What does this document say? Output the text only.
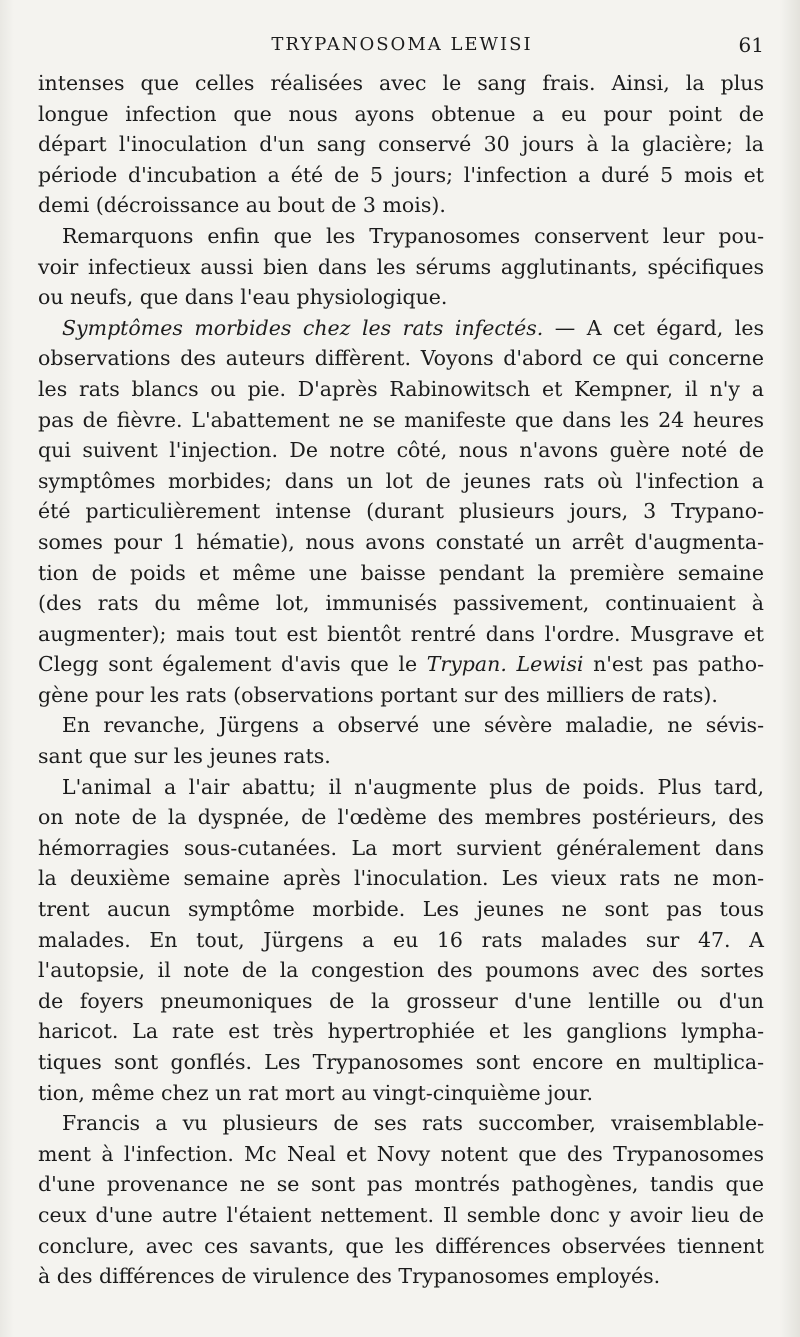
TRYPANOSOMA LEWISI	61
intenses que celles réalisées avec le sang frais. Ainsi, la plus
longue infection que nous ayons obtenue a eu pour point de
départ l'inoculation d'un sang conservé 30 jours à la glacière; la
période d'incubation a été de 5 jours; l'infection a duré 5 mois et
demi (décroissance au bout de 3 mois).
Remarquons enfin que les Trypanosomes conservent leur pou-
voir infectieux aussi bien dans les sérums agglutinants, spécifiques
ou neufs, que dans l'eau physiologique.
Symptômes morbides chez les rats infectés. — A cet égard, les
observations des auteurs diffèrent. Voyons d'abord ce qui concerne
les rats blancs ou pie. D'après Rabinowitsch et Kempner, il n'y a
pas de fièvre. L'abattement ne se manifeste que dans les 24 heures
qui suivent l'injection. De notre côté, nous n'avons guère noté de
symptômes morbides; dans un lot de jeunes rats où l'infection a
été particulièrement intense (durant plusieurs jours, 3 Trypano-
somes pour 1 hématie), nous avons constaté un arrêt d'augmenta-
tion de poids et même une baisse pendant la première semaine
(des rats du même lot, immunisés passivement, continuaient à
augmenter); mais tout est bientôt rentré dans l'ordre. Musgrave et
Clegg sont également d'avis que le Trypan. Lewisi n'est pas patho-
gène pour les rats (observations portant sur des milliers de rats).
En revanche, Jürgens a observé une sévère maladie, ne sévis-
sant que sur les jeunes rats.
L'animal a l'air abattu; il n'augmente plus de poids. Plus tard,
on note de la dyspnée, de l'œdème des membres postérieurs, des
hémorragies sous-cutanées. La mort survient généralement dans
la deuxième semaine après l'inoculation. Les vieux rats ne mon-
trent aucun symptôme morbide. Les jeunes ne sont pas tous
malades. En tout, Jürgens a eu 16 rats malades sur 47. A
l'autopsie, il note de la congestion des poumons avec des sortes
de foyers pneumoniques de la grosseur d'une lentille ou d'un
haricot. La rate est très hypertrophiée et les ganglions lympha-
tiques sont gonflés. Les Trypanosomes sont encore en multiplica-
tion, même chez un rat mort au vingt-cinquième jour.
Francis a vu plusieurs de ses rats succomber, vraisemblable-
ment à l'infection. Mc Neal et Novy notent que des Trypanosomes
d'une provenance ne se sont pas montrés pathogènes, tandis que
ceux d'une autre l'étaient nettement. Il semble donc y avoir lieu de
conclure, avec ces savants, que les différences observées tiennent
à des différences de virulence des Trypanosomes employés.
